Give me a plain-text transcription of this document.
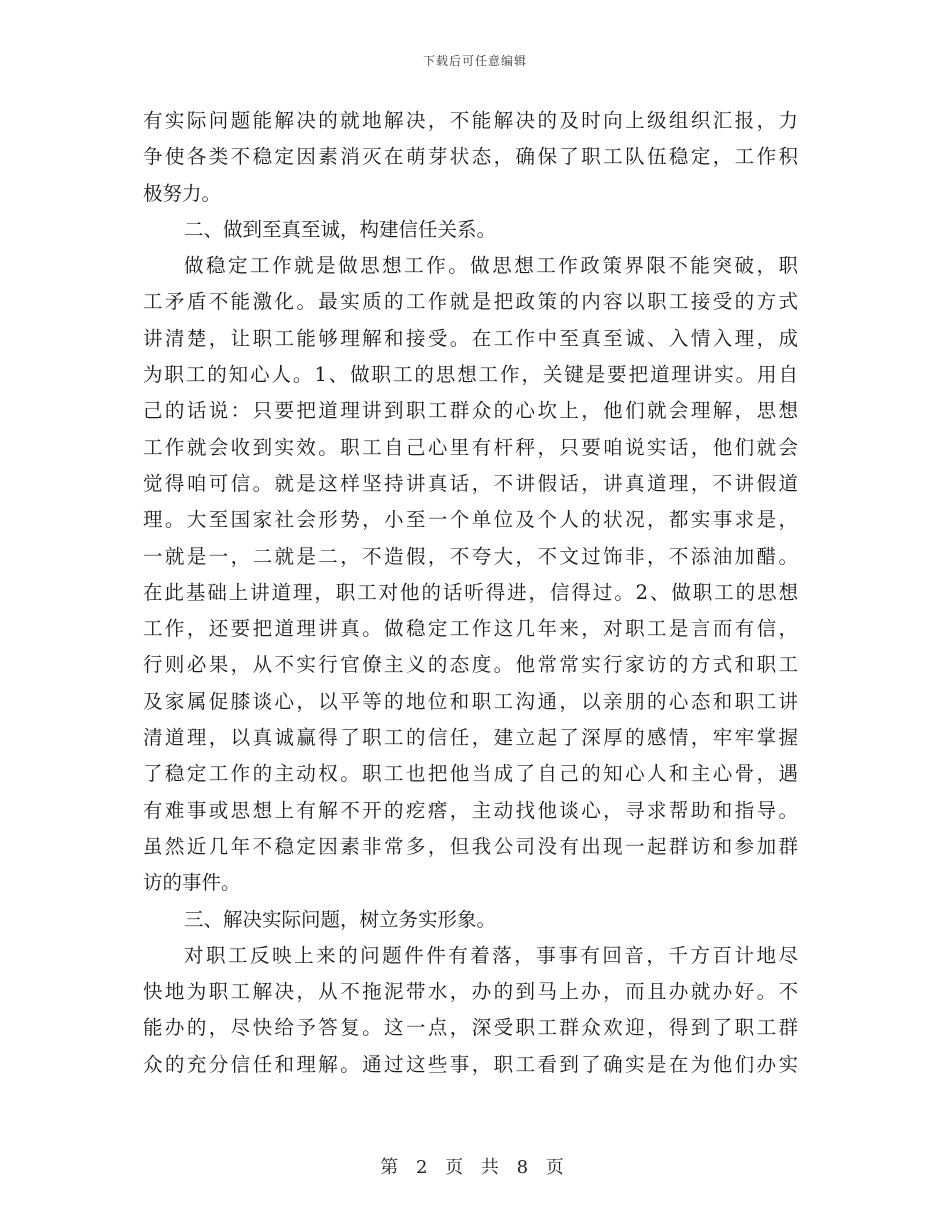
下载后可任意编辑
有实际问题能解决的就地解决，不能解决的及时向上级组织汇报，力
争使各类不稳定因素消灭在萌芽状态，确保了职工队伍稳定，工作积
极努力。
二、做到至真至诚，构建信任关系。
做稳定工作就是做思想工作。做思想工作政策界限不能突破，职
工矛盾不能激化。最实质的工作就是把政策的内容以职工接受的方式
讲清楚，让职工能够理解和接受。在工作中至真至诚、入情入理，成
为职工的知心人。1、做职工的思想工作，关键是要把道理讲实。用自
己的话说：只要把道理讲到职工群众的心坎上，他们就会理解，思想
工作就会收到实效。职工自己心里有杆秤，只要咱说实话，他们就会
觉得咱可信。就是这样坚持讲真话，不讲假话，讲真道理，不讲假道
理。大至国家社会形势，小至一个单位及个人的状况，都实事求是，
一就是一，二就是二，不造假，不夸大，不文过饰非，不添油加醋。
在此基础上讲道理，职工对他的话听得进，信得过。2、做职工的思想
工作，还要把道理讲真。做稳定工作这几年来，对职工是言而有信，
行则必果，从不实行官僚主义的态度。他常常实行家访的方式和职工
及家属促膝谈心，以平等的地位和职工沟通，以亲朋的心态和职工讲
清道理，以真诚赢得了职工的信任，建立起了深厚的感情，牢牢掌握
了稳定工作的主动权。职工也把他当成了自己的知心人和主心骨，遇
有难事或思想上有解不开的疙瘩，主动找他谈心，寻求帮助和指导。
虽然近几年不稳定因素非常多，但我公司没有出现一起群访和参加群
访的事件。
三、解决实际问题，树立务实形象。
对职工反映上来的问题件件有着落，事事有回音，千方百计地尽
快地为职工解决，从不拖泥带水，办的到马上办，而且办就办好。不
能办的，尽快给予答复。这一点，深受职工群众欢迎，得到了职工群
众的充分信任和理解。通过这些事，职工看到了确实是在为他们办实
第 2 页 共 8 页
